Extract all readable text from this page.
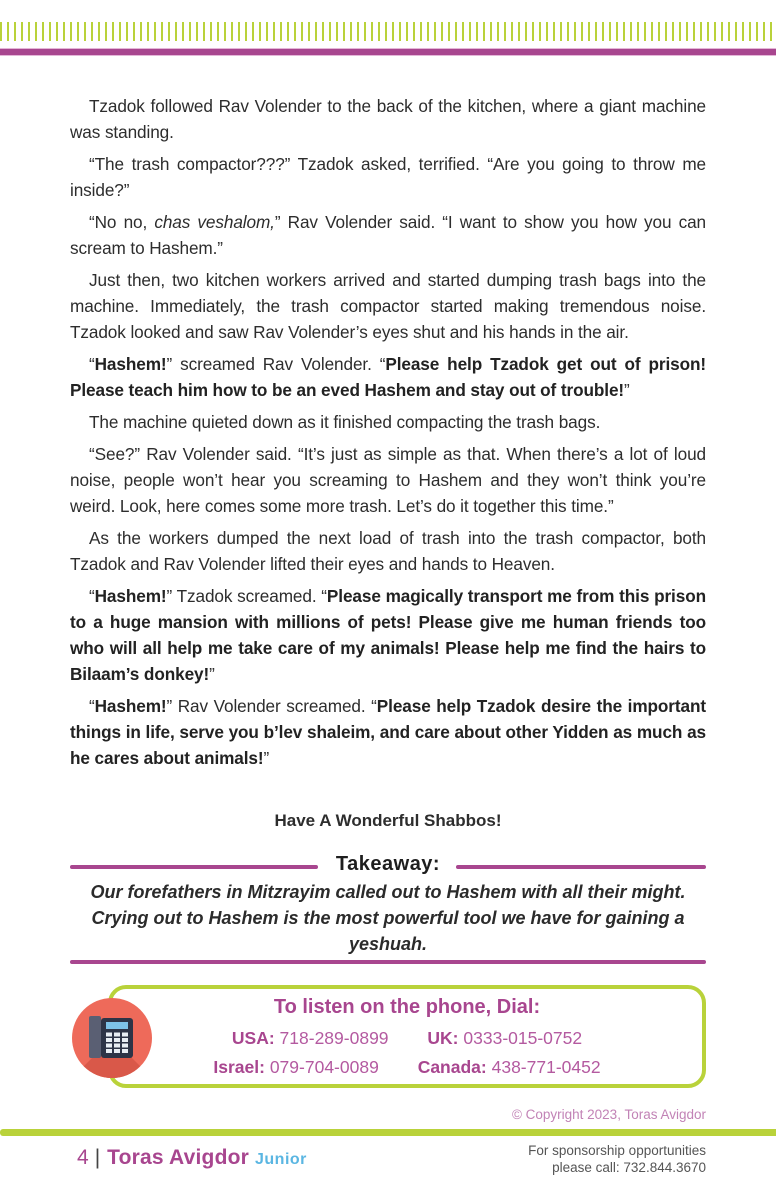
Tzadok followed Rav Volender to the back of the kitchen, where a giant machine was standing.

“The trash compactor???” Tzadok asked, terrified. “Are you going to throw me inside?”

“No no, chas veshalom,” Rav Volender said. “I want to show you how you can scream to Hashem.”

Just then, two kitchen workers arrived and started dumping trash bags into the machine. Immediately, the trash compactor started making tremendous noise. Tzadok looked and saw Rav Volender’s eyes shut and his hands in the air.

“Hashem!” screamed Rav Volender. “Please help Tzadok get out of prison! Please teach him how to be an eved Hashem and stay out of trouble!”

The machine quieted down as it finished compacting the trash bags.

“See?” Rav Volender said. “It’s just as simple as that. When there’s a lot of loud noise, people won’t hear you screaming to Hashem and they won’t think you’re weird. Look, here comes some more trash. Let’s do it together this time.”

As the workers dumped the next load of trash into the trash compactor, both Tzadok and Rav Volender lifted their eyes and hands to Heaven.

“Hashem!” Tzadok screamed. “Please magically transport me from this prison to a huge mansion with millions of pets! Please give me human friends too who will all help me take care of my animals! Please help me find the hairs to Bilaam’s donkey!”

“Hashem!” Rav Volender screamed. “Please help Tzadok desire the important things in life, serve you b’lev shaleim, and care about other Yidden as much as he cares about animals!”

Have A Wonderful Shabbos!
Takeaway:
Our forefathers in Mitzrayim called out to Hashem with all their might. Crying out to Hashem is the most powerful tool we have for gaining a yeshuah.
To listen on the phone, Dial:
USA: 718-289-0899 UK: 0333-015-0752
Israel: 079-704-0089 Canada: 438-771-0452
© Copyright 2023, Toras Avigdor
4 | Toras Avigdor Junior
For sponsorship opportunities
please call: 732.844.3670
